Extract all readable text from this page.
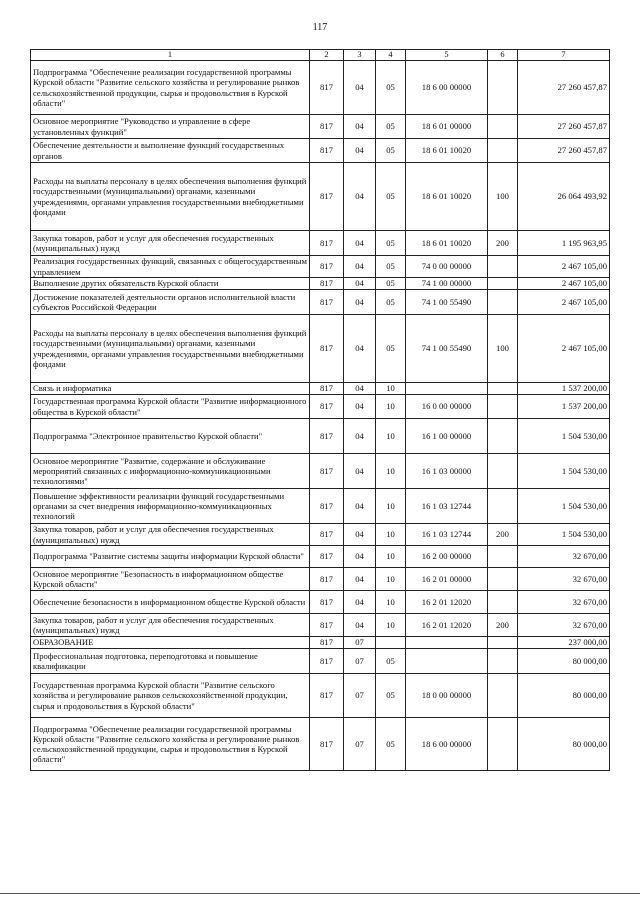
117
1	2	3	4	5	6	7
Подпрограмма "Обеспечение реализации государственной программы Курской области "Развитие сельского хозяйства и регулирование рынков сельскохозяйственной продукции, сырья и продовольствия в Курской области"	817	04	05	18 6 00 00000		27 260 457,87
Основное мероприятие "Руководство и управление в сфере установленных функций"	817	04	05	18 6 01 00000		27 260 457,87
Обеспечение деятельности и выполнение функций государственных органов	817	04	05	18 6 01 10020		27 260 457,87
Расходы на выплаты персоналу в целях обеспечения выполнения функций государственными (муниципальными) органами, казенными учреждениями, органами управления государственными внебюджетными фондами	817	04	05	18 6 01 10020	100	26 064 493,92
Закупка товаров, работ и услуг для обеспечения государственных (муниципальных) нужд	817	04	05	18 6 01 10020	200	1 195 963,95
Реализация государственных функций, связанных с общегосударственным управлением	817	04	05	74 0 00 00000		2 467 105,00
Выполнение других обязательств Курской области	817	04	05	74 1 00 00000		2 467 105,00
Достижение показателей деятельности органов исполнительной власти субъектов Российской Федерации	817	04	05	74 1 00 55490		2 467 105,00
Расходы на выплаты персоналу в целях обеспечения выполнения функций государственными (муниципальными) органами, казенными учреждениями, органами управления государственными внебюджетными фондами	817	04	05	74 1 00 55490	100	2 467 105,00
Связь и информатика	817	04	10			1 537 200,00
Государственная программа Курской области "Развитие информационного общества в Курской области"	817	04	10	16 0 00 00000		1 537 200,00
Подпрограмма "Электронное правительство Курской области"	817	04	10	16 1 00 00000		1 504 530,00
Основное мероприятие "Развитие, содержание и обслуживание мероприятий связанных с информационно-коммуникационными технологиями"	817	04	10	16 1 03 00000		1 504 530,00
Повышение эффективности реализации функций государственными органами за счет внедрения информационно-коммуникационных технологий	817	04	10	16 1 03 12744		1 504 530,00
Закупка товаров, работ и услуг для обеспечения государственных (муниципальных) нужд	817	04	10	16 1 03 12744	200	1 504 530,00
Подпрограмма "Развитие системы защиты информации Курской области"	817	04	10	16 2 00 00000		32 670,00
Основное мероприятие "Безопасность в информационном обществе Курской области"	817	04	10	16 2 01 00000		32 670,00
Обеспечение безопасности в информационном обществе Курской области	817	04	10	16 2 01 12020		32 670,00
Закупка товаров, работ и услуг для обеспечения государственных (муниципальных) нужд	817	04	10	16 2 01 12020	200	32 670,00
ОБРАЗОВАНИЕ	817	07				237 000,00
Профессиональная подготовка, переподготовка и повышение квалификации	817	07	05			80 000,00
Государственная программа Курской области "Развитие сельского хозяйства и регулирование рынков сельскохозяйственной продукции, сырья и продовольствия в Курской области"	817	07	05	18 0 00 00000		80 000,00
Подпрограмма "Обеспечение реализации государственной программы Курской области "Развитие сельского хозяйства и регулирование рынков сельскохозяйственной продукции, сырья и продовольствия в Курской области"	817	07	05	18 6 00 00000		80 000,00
